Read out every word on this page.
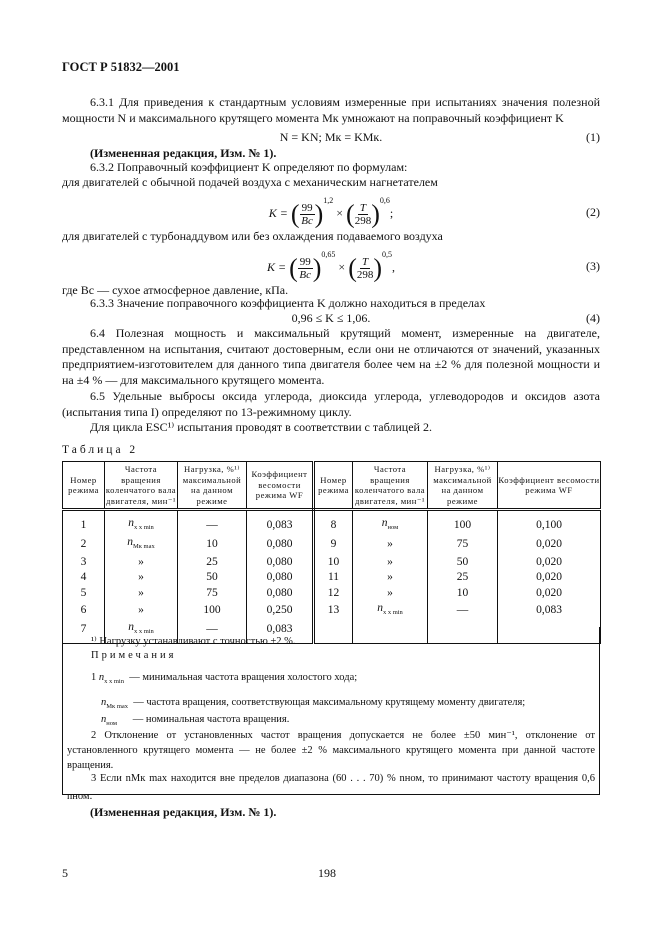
ГОСТ Р 51832—2001
6.3.1 Для приведения к стандартным условиям измеренные при испытаниях значения полезной мощности N и максимального крутящего момента Mк умножают на поправочный коэффициент K
N = KN; Mк = KMк.	(1)
(Измененная редакция, Изм. № 1).
6.3.2 Поправочный коэффициент K определяют по формулам:
для двигателей с обычной подачей воздуха с механическим нагнетателем
K = ( $\frac{99}{Bс} )^{1,2}$ × ( $\frac{T}{298} )^{0,6}$;	(2)
для двигателей с турбонаддувом или без охлаждения подаваемого воздуха
K = ( $\frac{99}{Bс} )^{0,65}$ × ( $\frac{T}{298} )^{0,5}$,	(3)
где Bс — сухое атмосферное давление, кПа.
6.3.3 Значение поправочного коэффициента K должно находиться в пределах
0,96 ≤ K ≤ 1,06.	(4)
6.4 Полезная мощность и максимальный крутящий момент, измеренные на двигателе, представленном на испытания, считают достоверным, если они не отличаются от значений, указанных предприятием-изготовителем для данного типа двигателя более чем на ±2 % для полезной мощности и на ±4 % — для максимального крутящего момента.
6.5 Удельные выбросы оксида углерода, диоксида углерода, углеводородов и оксидов азота (испытания типа I) определяют по 13-режимному циклу.
Для цикла ESC¹⁾ испытания проводят в соответствии с таблицей 2.
Таблица 2
Номер режима	Частота вращения коленчатого вала двигателя, мин⁻¹	Нагрузка, %¹⁾ максимальной на данном режиме	Коэффициент весомости режима WF	Номер режима	Частота вращения коленчатого вала двигателя, мин⁻¹	Нагрузка, %¹⁾ максимальной на данном режиме	Коэффициент весомости режима WF
1	$n_{х х min}$	—	0,083	8	$n_{ном}$	100	0,100
2	$n_{Mк max}$	10	0,080	9	»	75	0,020
3	»	25	0,080	10	»	50	0,020
4	»	50	0,080	11	»	25	0,020
5	»	75	0,080	12	»	10	0,020
6	»	100	0,250	13	$n_{х х min}$	—	0,083
7	$n_{х х min}$	—	0,083				
¹⁾ Нагрузку устанавливают с точностью ±2 %.
Примечания
1 $n_{х х min}$ — минимальная частота вращения холостого хода;
$n_{Mк max}$ — частота вращения, соответствующая максимальному крутящему моменту двигателя;
$n_{ном}$ — номинальная частота вращения.
2 Отклонение от установленных частот вращения допускается не более ±50 мин⁻¹, отклонение от установленного крутящего момента — не более ±2 % максимального крутящего момента при данной частоте вращения.
3 Если nMк max находится вне пределов диапазона (60 . . . 70) % nном, то принимают частоту вращения 0,6 nном.
(Измененная редакция, Изм. № 1).
5	198
